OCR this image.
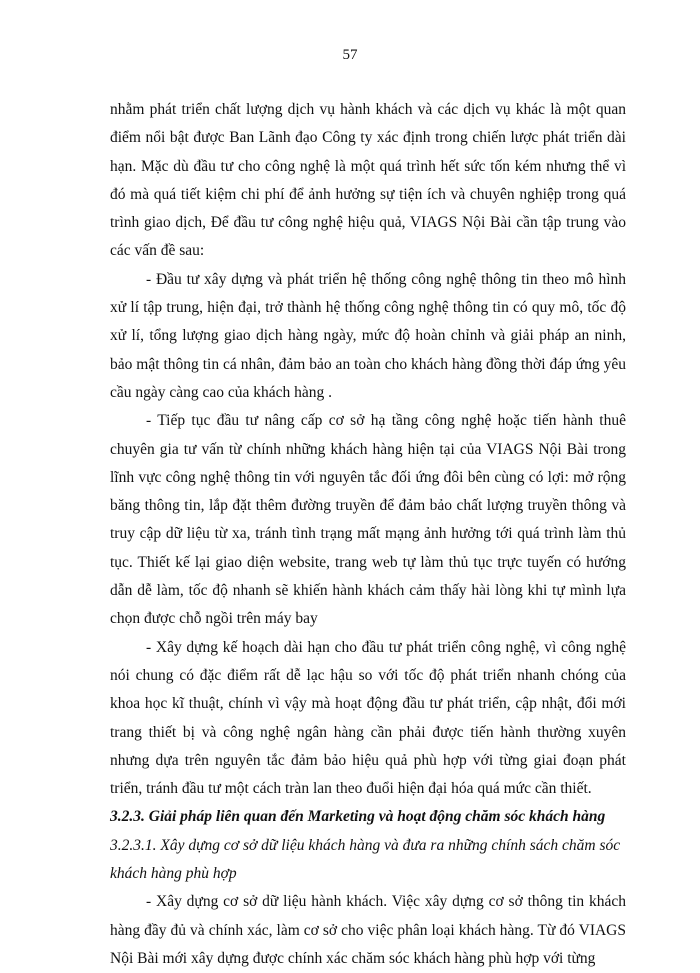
57

nhằm phát triển chất lượng dịch vụ hành khách và các dịch vụ khác là một quan điểm nổi bật được Ban Lãnh đạo Công ty xác định trong chiến lược phát triển dài hạn. Mặc dù đầu tư cho công nghệ là một quá trình hết sức tốn kém nhưng thể vì đó mà quá tiết kiệm chi phí để ảnh hưởng sự tiện ích và chuyên nghiệp trong quá trình giao dịch, Để đầu tư công nghệ hiệu quả, VIAGS Nội Bài cần tập trung vào các vấn đề sau:

- Đầu tư xây dựng và phát triển hệ thống công nghệ thông tin theo mô hình xử lí tập trung, hiện đại, trở thành hệ thống công nghệ thông tin có quy mô, tốc độ xử lí, tổng lượng giao dịch hàng ngày, mức độ hoàn chỉnh và giải pháp an ninh, bảo mật thông tin cá nhân, đảm bảo an toàn cho khách hàng đồng thời đáp ứng yêu cầu ngày càng cao của khách hàng .

- Tiếp tục đầu tư nâng cấp cơ sở hạ tầng công nghệ hoặc tiến hành thuê chuyên gia tư vấn từ chính những khách hàng hiện tại của VIAGS Nội Bài trong lĩnh vực công nghệ thông tin với nguyên tắc đối ứng đôi bên cùng có lợi: mở rộng băng thông tin, lắp đặt thêm đường truyền để đảm bảo chất lượng truyền thông và truy cập dữ liệu từ xa, tránh tình trạng mất mạng ảnh hưởng tới quá trình làm thủ tục. Thiết kế lại giao diện website, trang web tự làm thủ tục trực tuyến có hướng dẫn dễ làm, tốc độ nhanh sẽ khiến hành khách cảm thấy hài lòng khi tự mình lựa chọn được chỗ ngồi trên máy bay

- Xây dựng kế hoạch dài hạn cho đầu tư phát triển công nghệ, vì công nghệ nói chung có đặc điểm rất dễ lạc hậu so với tốc độ phát triển nhanh chóng của khoa học kĩ thuật, chính vì vậy mà hoạt động đầu tư phát triển, cập nhật, đổi mới trang thiết bị và công nghệ ngân hàng cần phải được tiến hành thường xuyên nhưng dựa trên nguyên tắc đảm bảo hiệu quả phù hợp với từng giai đoạn phát triển, tránh đầu tư một cách tràn lan theo đuổi hiện đại hóa quá mức cần thiết.

3.2.3. Giải pháp liên quan đến Marketing và hoạt động chăm sóc khách hàng

3.2.3.1. Xây dựng cơ sở dữ liệu khách hàng và đưa ra những chính sách chăm sóc khách hàng phù hợp

- Xây dựng cơ sở dữ liệu hành khách. Việc xây dựng cơ sở thông tin khách hàng đầy đủ và chính xác, làm cơ sở cho việc phân loại khách hàng. Từ đó VIAGS Nội Bài mới xây dựng được chính xác chăm sóc khách hàng phù hợp với từng
